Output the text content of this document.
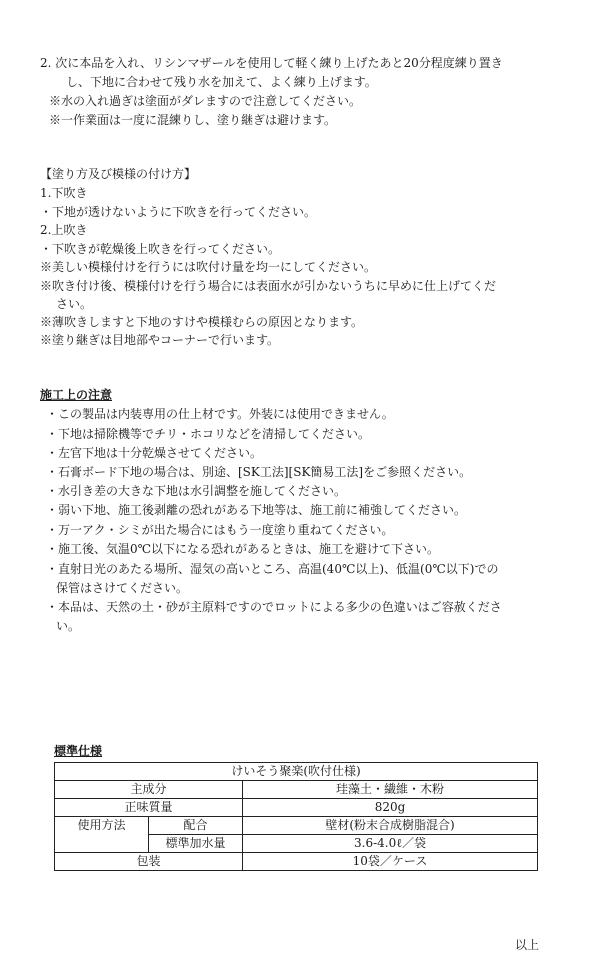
2. 次に本品を入れ、リシンマザールを使用して軽く練り上げたあと20分程度練り置き
し、下地に合わせて残り水を加えて、よく練り上げます。
※水の入れ過ぎは塗面がダレますので注意してください。
※一作業面は一度に混練りし、塗り継ぎは避けます。
【塗り方及び模様の付け方】
1.下吹き
・下地が透けないように下吹きを行ってください。
2.上吹き
・下吹きが乾燥後上吹きを行ってください。
※美しい模様付けを行うには吹付け量を均一にしてください。
※吹き付け後、模様付けを行う場合には表面水が引かないうちに早めに仕上げてくだ
さい。
※薄吹きしますと下地のすけや模様むらの原因となります。
※塗り継ぎは目地部やコーナーで行います。
施工上の注意
・この製品は内装専用の仕上材です。外装には使用できません。
・下地は掃除機等でチリ・ホコリなどを清掃してください。
・左官下地は十分乾燥させてください。
・石膏ボード下地の場合は、別途、[SK工法][SK簡易工法]をご参照ください。
・水引き差の大きな下地は水引調整を施してください。
・弱い下地、施工後剥離の恐れがある下地等は、施工前に補強してください。
・万一アク・シミが出た場合にはもう一度塗り重ねてください。
・施工後、気温0℃以下になる恐れがあるときは、施工を避けて下さい。
・直射日光のあたる場所、湿気の高いところ、高温(40℃以上)、低温(0℃以下)での
保管はさけてください。
・本品は、天然の土・砂が主原料ですのでロットによる多少の色違いはご容赦くださ
い。
標準仕様
けいそう聚楽(吹付仕様)		
主成分		珪藻土・繊維・木粉
正味質量		820g
使用方法	配合	壁材(粉末合成樹脂混合)
	標準加水量	3.6-4.0ℓ／袋
包装		10袋／ケース
以上
